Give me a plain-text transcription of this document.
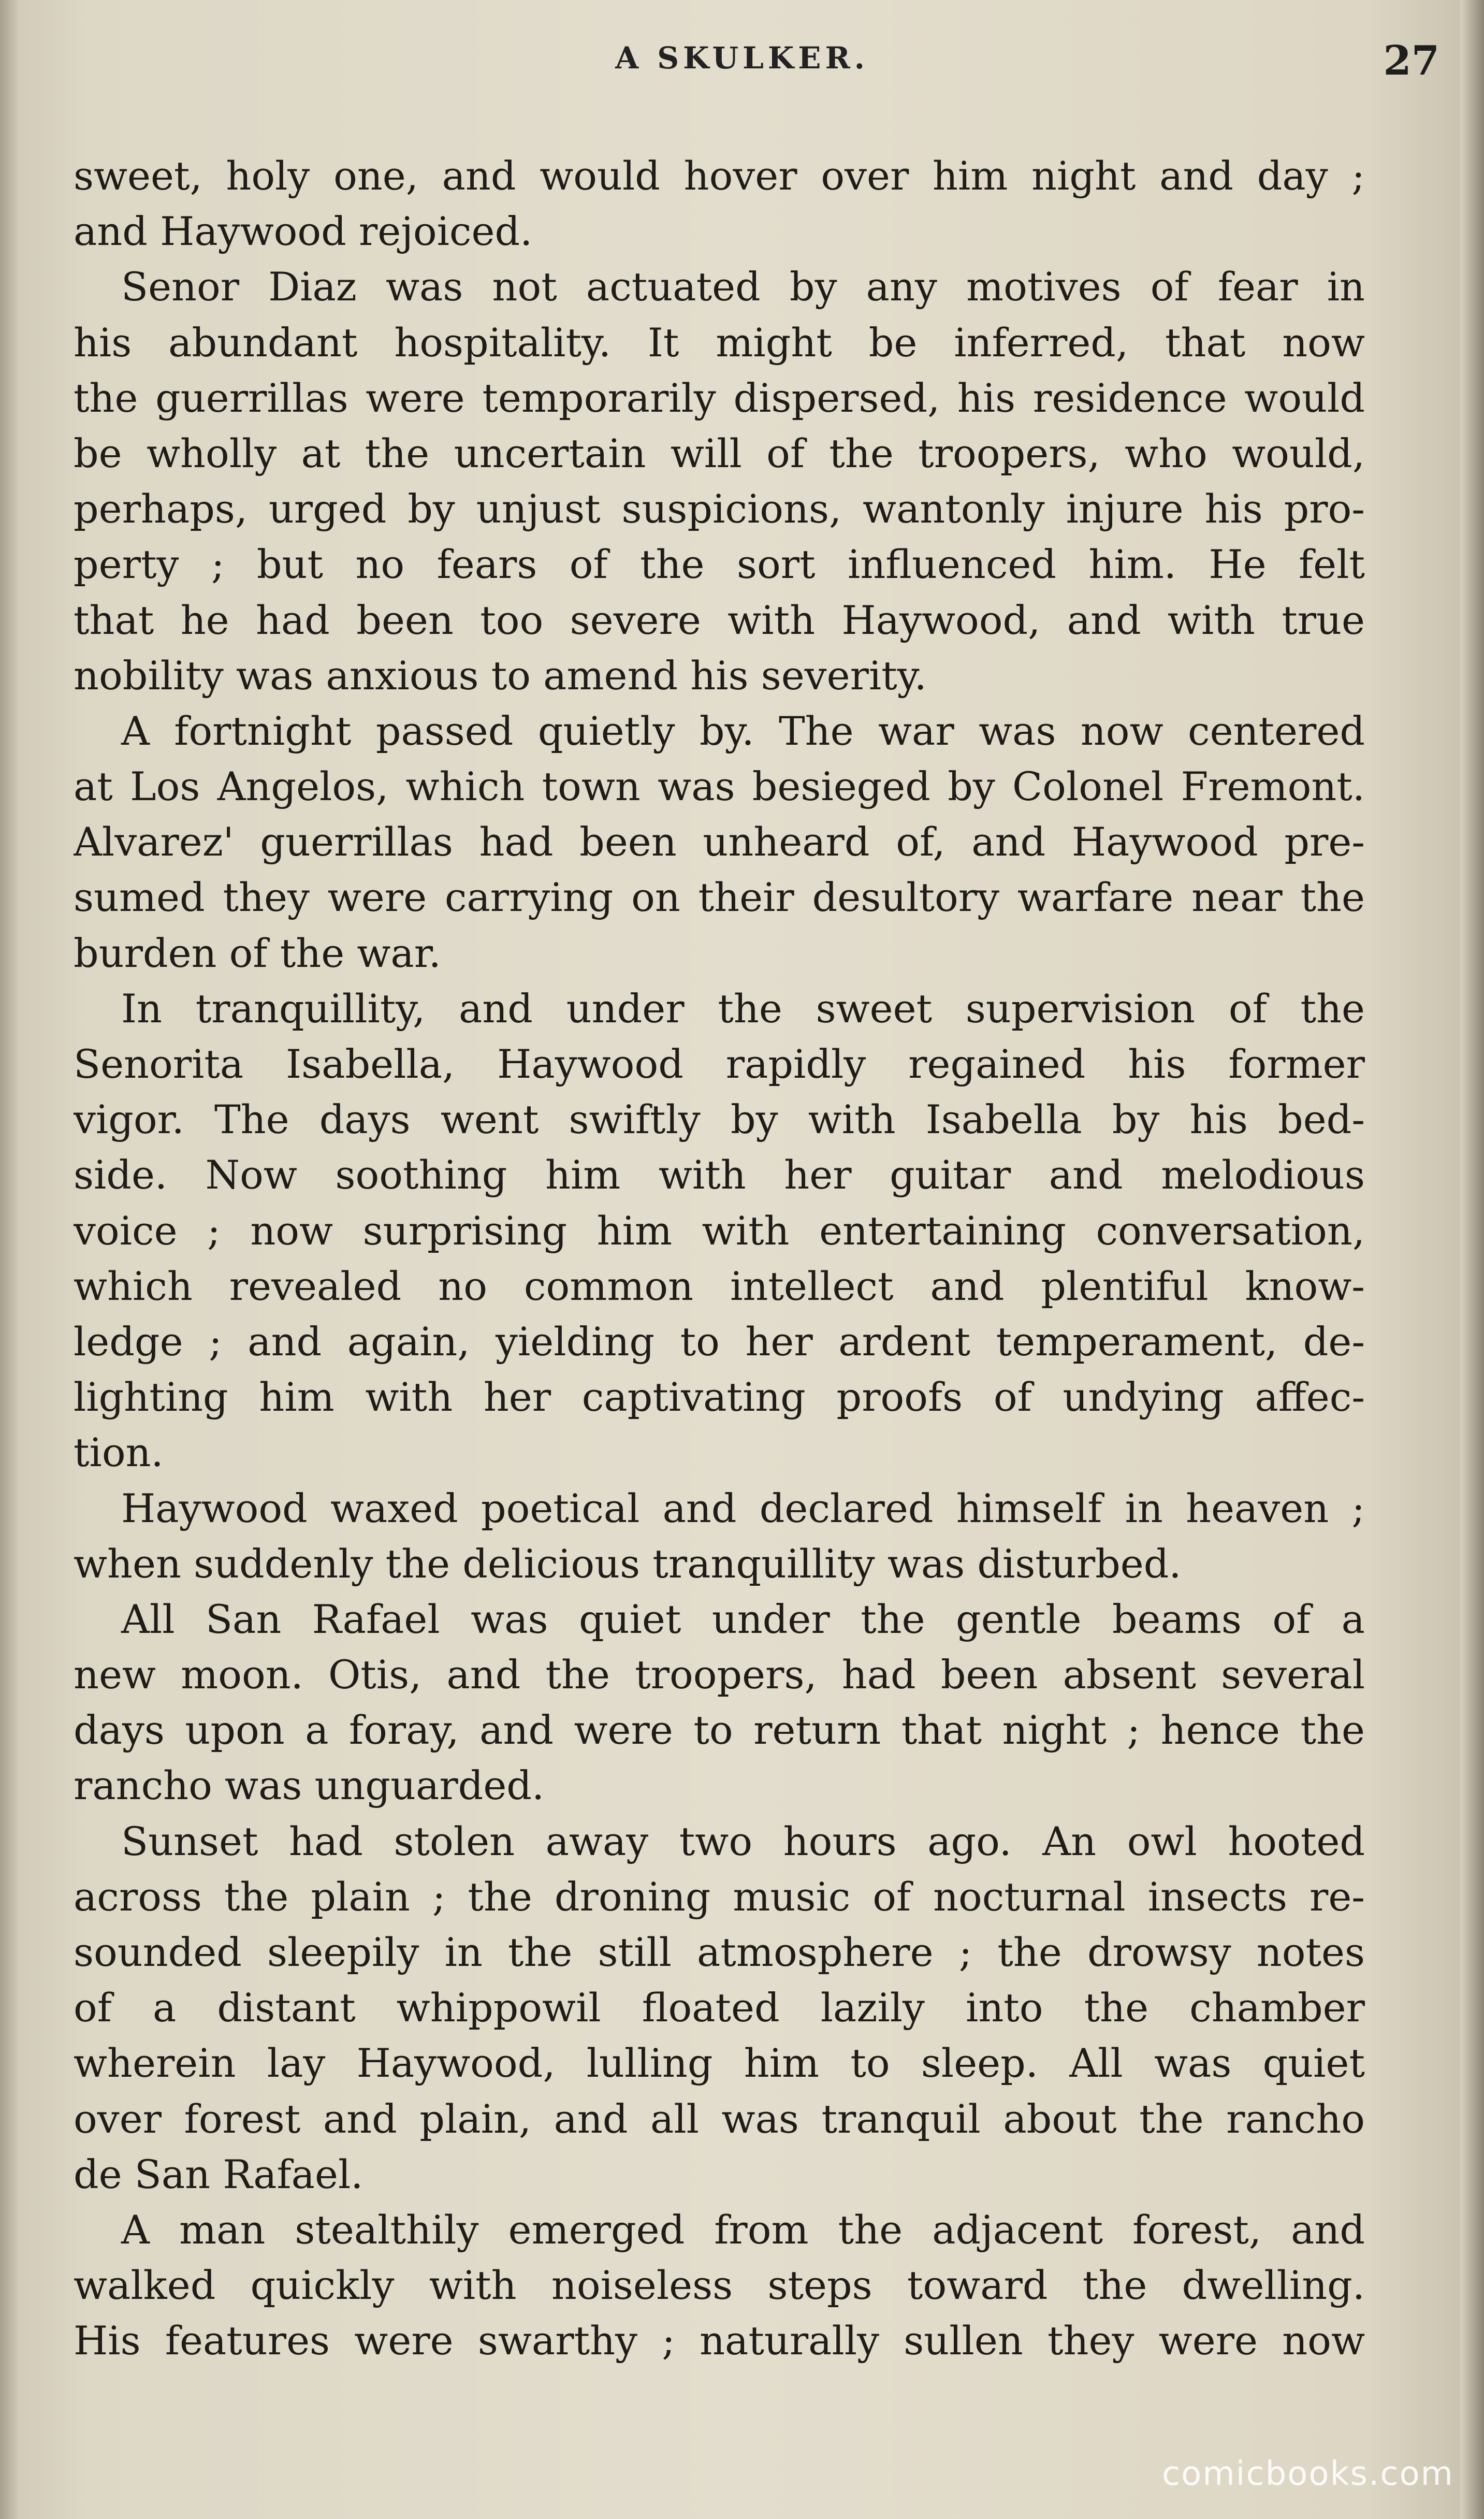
A SKULKER.	27
sweet, holy one, and would hover over him night and day ;
and Haywood rejoiced.
Senor Diaz was not actuated by any motives of fear in
his abundant hospitality. It might be inferred, that now
the guerrillas were temporarily dispersed, his residence would
be wholly at the uncertain will of the troopers, who would,
perhaps, urged by unjust suspicions, wantonly injure his pro-
perty ; but no fears of the sort influenced him. He felt
that he had been too severe with Haywood, and with true
nobility was anxious to amend his severity.
A fortnight passed quietly by. The war was now centered
at Los Angelos, which town was besieged by Colonel Fremont.
Alvarez' guerrillas had been unheard of, and Haywood pre-
sumed they were carrying on their desultory warfare near the
burden of the war.
In tranquillity, and under the sweet supervision of the
Senorita Isabella, Haywood rapidly regained his former
vigor. The days went swiftly by with Isabella by his bed-
side. Now soothing him with her guitar and melodious
voice ; now surprising him with entertaining conversation,
which revealed no common intellect and plentiful know-
ledge ; and again, yielding to her ardent temperament, de-
lighting him with her captivating proofs of undying affec-
tion.
Haywood waxed poetical and declared himself in heaven ;
when suddenly the delicious tranquillity was disturbed.
All San Rafael was quiet under the gentle beams of a
new moon. Otis, and the troopers, had been absent several
days upon a foray, and were to return that night ; hence the
rancho was unguarded.
Sunset had stolen away two hours ago. An owl hooted
across the plain ; the droning music of nocturnal insects re-
sounded sleepily in the still atmosphere ; the drowsy notes
of a distant whippowil floated lazily into the chamber
wherein lay Haywood, lulling him to sleep. All was quiet
over forest and plain, and all was tranquil about the rancho
de San Rafael.
A man stealthily emerged from the adjacent forest, and
walked quickly with noiseless steps toward the dwelling.
His features were swarthy ; naturally sullen they were now
comicbooks.com
